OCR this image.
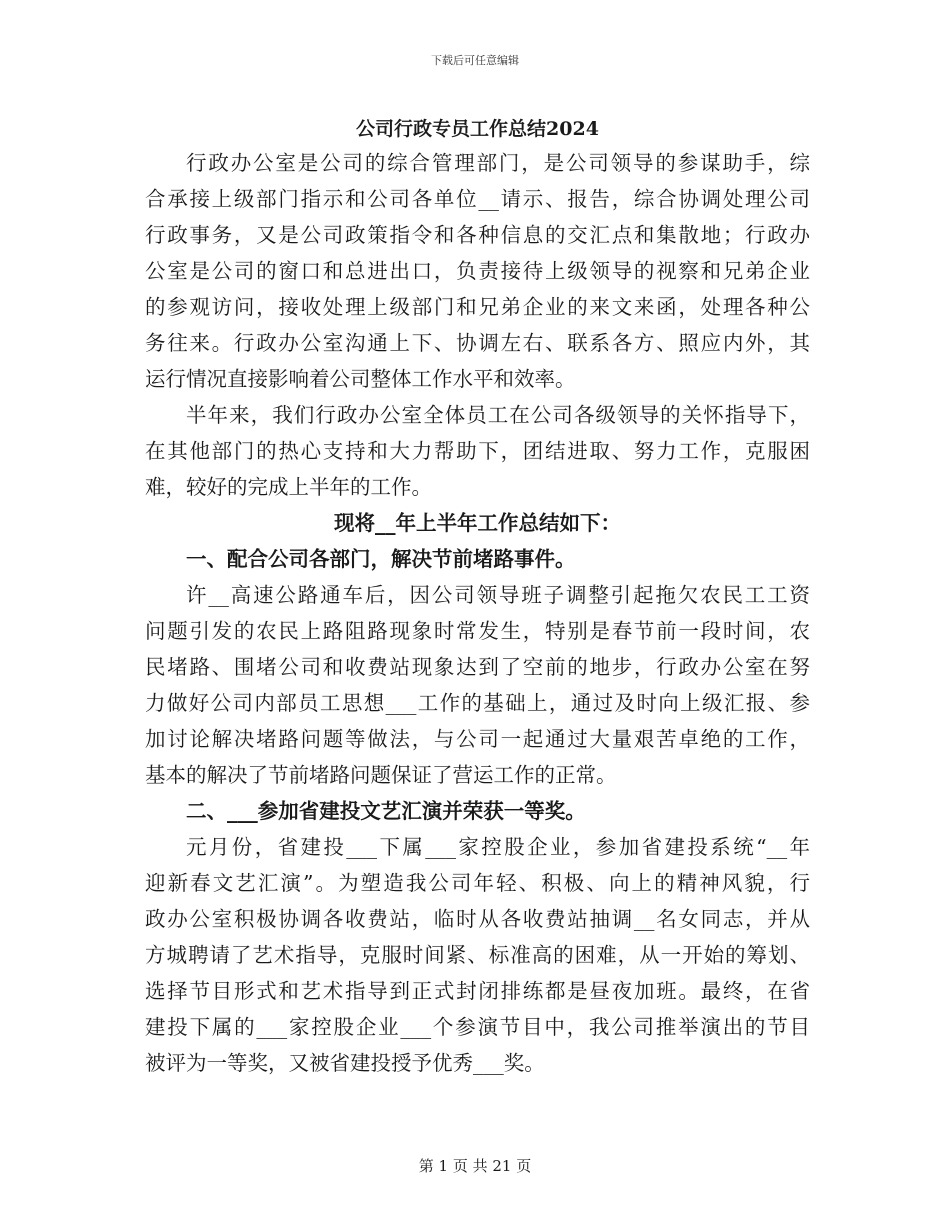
下载后可任意编辑
公司行政专员工作总结2024
行政办公室是公司的综合管理部门，是公司领导的参谋助手，综
合承接上级部门指示和公司各单位__请示、报告，综合协调处理公司
行政事务，又是公司政策指令和各种信息的交汇点和集散地；行政办
公室是公司的窗口和总进出口，负责接待上级领导的视察和兄弟企业
的参观访问，接收处理上级部门和兄弟企业的来文来函，处理各种公
务往来。行政办公室沟通上下、协调左右、联系各方、照应内外，其
运行情况直接影响着公司整体工作水平和效率。
半年来，我们行政办公室全体员工在公司各级领导的关怀指导下，
在其他部门的热心支持和大力帮助下，团结进取、努力工作，克服困
难，较好的完成上半年的工作。
现将__年上半年工作总结如下：
一、配合公司各部门，解决节前堵路事件。
许__高速公路通车后，因公司领导班子调整引起拖欠农民工工资
问题引发的农民上路阻路现象时常发生，特别是春节前一段时间，农
民堵路、围堵公司和收费站现象达到了空前的地步，行政办公室在努
力做好公司内部员工思想___工作的基础上，通过及时向上级汇报、参
加讨论解决堵路问题等做法，与公司一起通过大量艰苦卓绝的工作，
基本的解决了节前堵路问题保证了营运工作的正常。
二、___参加省建投文艺汇演并荣获一等奖。
元月份，省建投___下属___家控股企业，参加省建投系统“__年
迎新春文艺汇演”。为塑造我公司年轻、积极、向上的精神风貌，行
政办公室积极协调各收费站，临时从各收费站抽调__名女同志，并从
方城聘请了艺术指导，克服时间紧、标准高的困难，从一开始的筹划、
选择节目形式和艺术指导到正式封闭排练都是昼夜加班。最终，在省
建投下属的___家控股企业___个参演节目中，我公司推举演出的节目
被评为一等奖，又被省建投授予优秀___奖。
第 1 页 共 21 页
